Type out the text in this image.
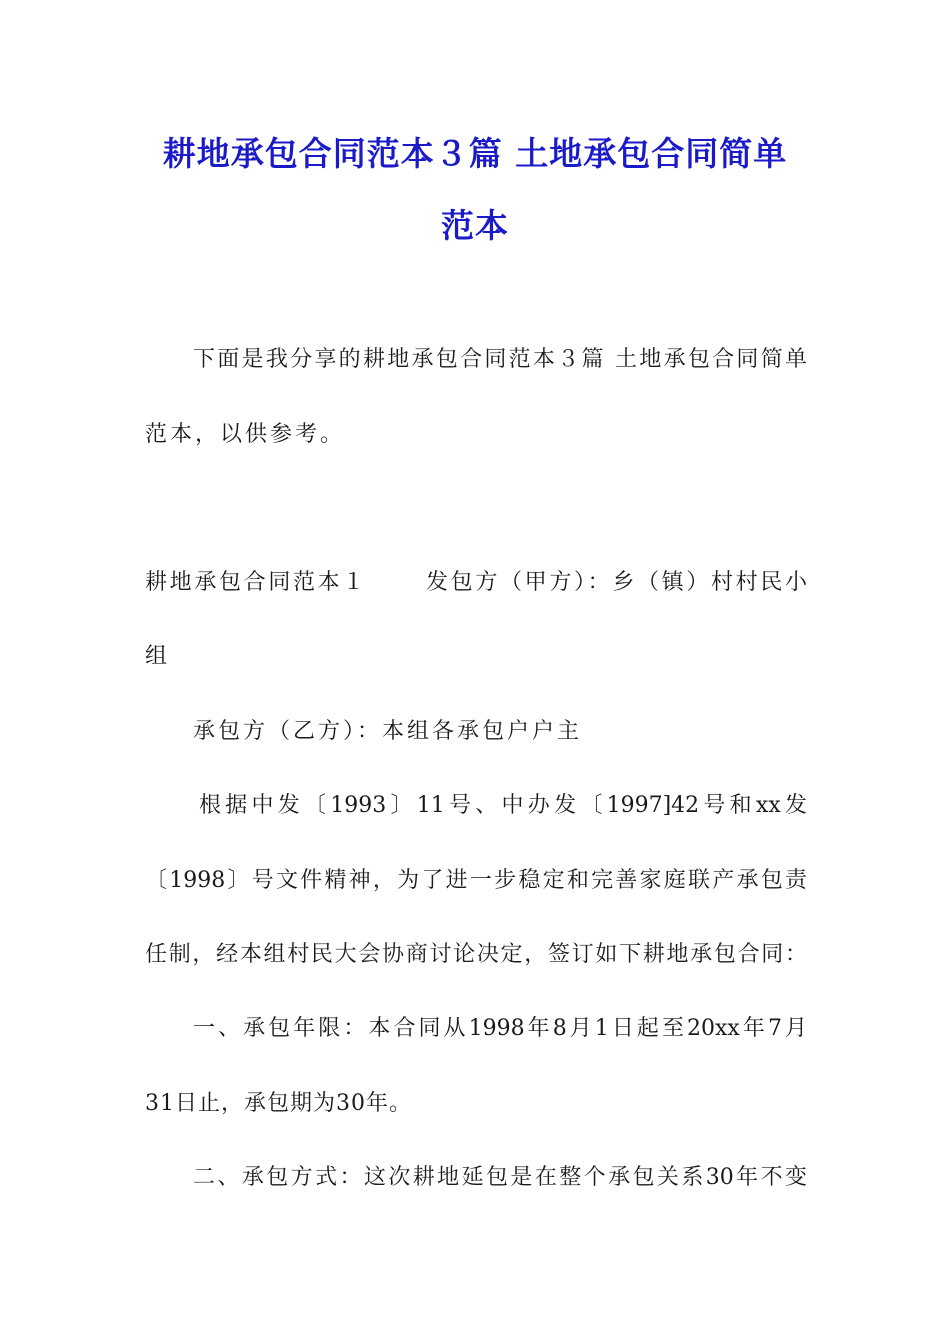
耕地承包合同范本３篇 土地承包合同简单
范本
下面是我分享的耕地承包合同范本３篇 土地承包合同简单
范本，以供参考。
耕地承包合同范本１ 　　发包方（甲方）：乡（镇）村村民小
组
承包方（乙方）：本组各承包户户主
根据中发〔1993〕11号、中办发〔1997]42号和xx发
〔1998〕号文件精神，为了进一步稳定和完善家庭联产承包责
任制，经本组村民大会协商讨论决定，签订如下耕地承包合同：
一、承包年限：本合同从1998年8月1日起至20xx年7月
31日止，承包期为30年。
二、承包方式：这次耕地延包是在整个承包关系30年不变
